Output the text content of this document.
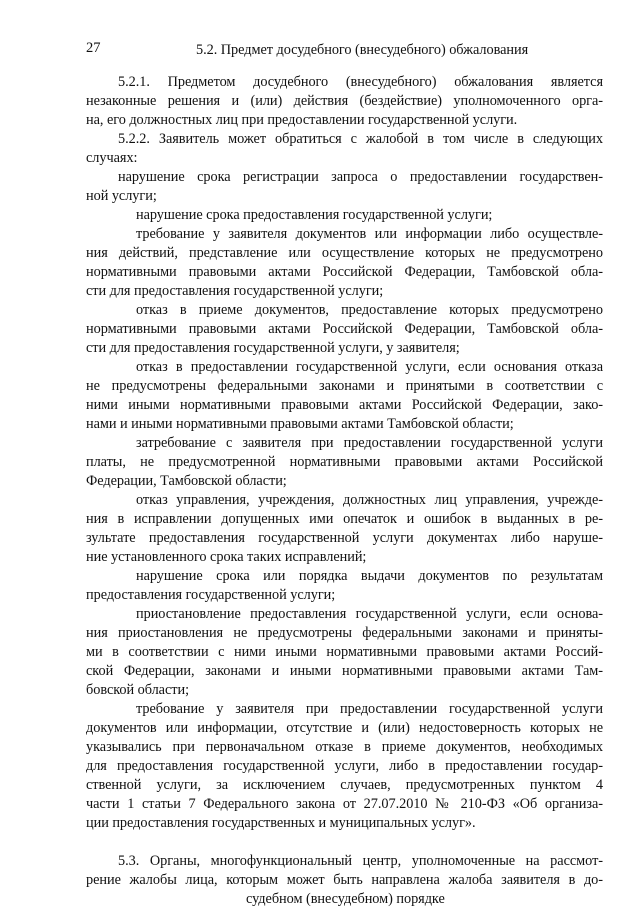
27	5.2. Предмет досудебного (внесудебного) обжалования
5.2.1. Предметом досудебного (внесудебного) обжалования является
незаконные решения и (или) действия (бездействие) уполномоченного орга-
на, его должностных лиц при предоставлении государственной услуги.
5.2.2. Заявитель может обратиться с жалобой в том числе в следующих
случаях:
нарушение срока регистрации запроса о предоставлении государствен-
ной услуги;
нарушение срока предоставления государственной услуги;
требование у заявителя документов или информации либо осуществле-
ния действий, представление или осуществление которых не предусмотрено
нормативными правовыми актами Российской Федерации, Тамбовской обла-
сти для предоставления государственной услуги;
отказ в приеме документов, предоставление которых предусмотрено
нормативными правовыми актами Российской Федерации, Тамбовской обла-
сти для предоставления государственной услуги, у заявителя;
отказ в предоставлении государственной услуги, если основания отказа
не предусмотрены федеральными законами и принятыми в соответствии с
ними иными нормативными правовыми актами Российской Федерации, зако-
нами и иными нормативными правовыми актами Тамбовской области;
затребование с заявителя при предоставлении государственной услуги
платы, не предусмотренной нормативными правовыми актами Российской
Федерации, Тамбовской области;
отказ управления, учреждения, должностных лиц управления, учрежде-
ния в исправлении допущенных ими опечаток и ошибок в выданных в ре-
зультате предоставления государственной услуги документах либо наруше-
ние установленного срока таких исправлений;
нарушение срока или порядка выдачи документов по результатам
предоставления государственной услуги;
приостановление предоставления государственной услуги, если основа-
ния приостановления не предусмотрены федеральными законами и приняты-
ми в соответствии с ними иными нормативными правовыми актами Россий-
ской Федерации, законами и иными нормативными правовыми актами Там-
бовской области;
требование у заявителя при предоставлении государственной услуги
документов или информации, отсутствие и (или) недостоверность которых не
указывались при первоначальном отказе в приеме документов, необходимых
для предоставления государственной услуги, либо в предоставлении государ-
ственной услуги, за исключением случаев, предусмотренных пунктом 4
части 1 статьи 7 Федерального закона от 27.07.2010 № 210-ФЗ «Об организа-
ции предоставления государственных и муниципальных услуг».
5.3. Органы, многофункциональный центр, уполномоченные на рассмот-
рение жалобы лица, которым может быть направлена жалоба заявителя в до-
судебном (внесудебном) порядке
